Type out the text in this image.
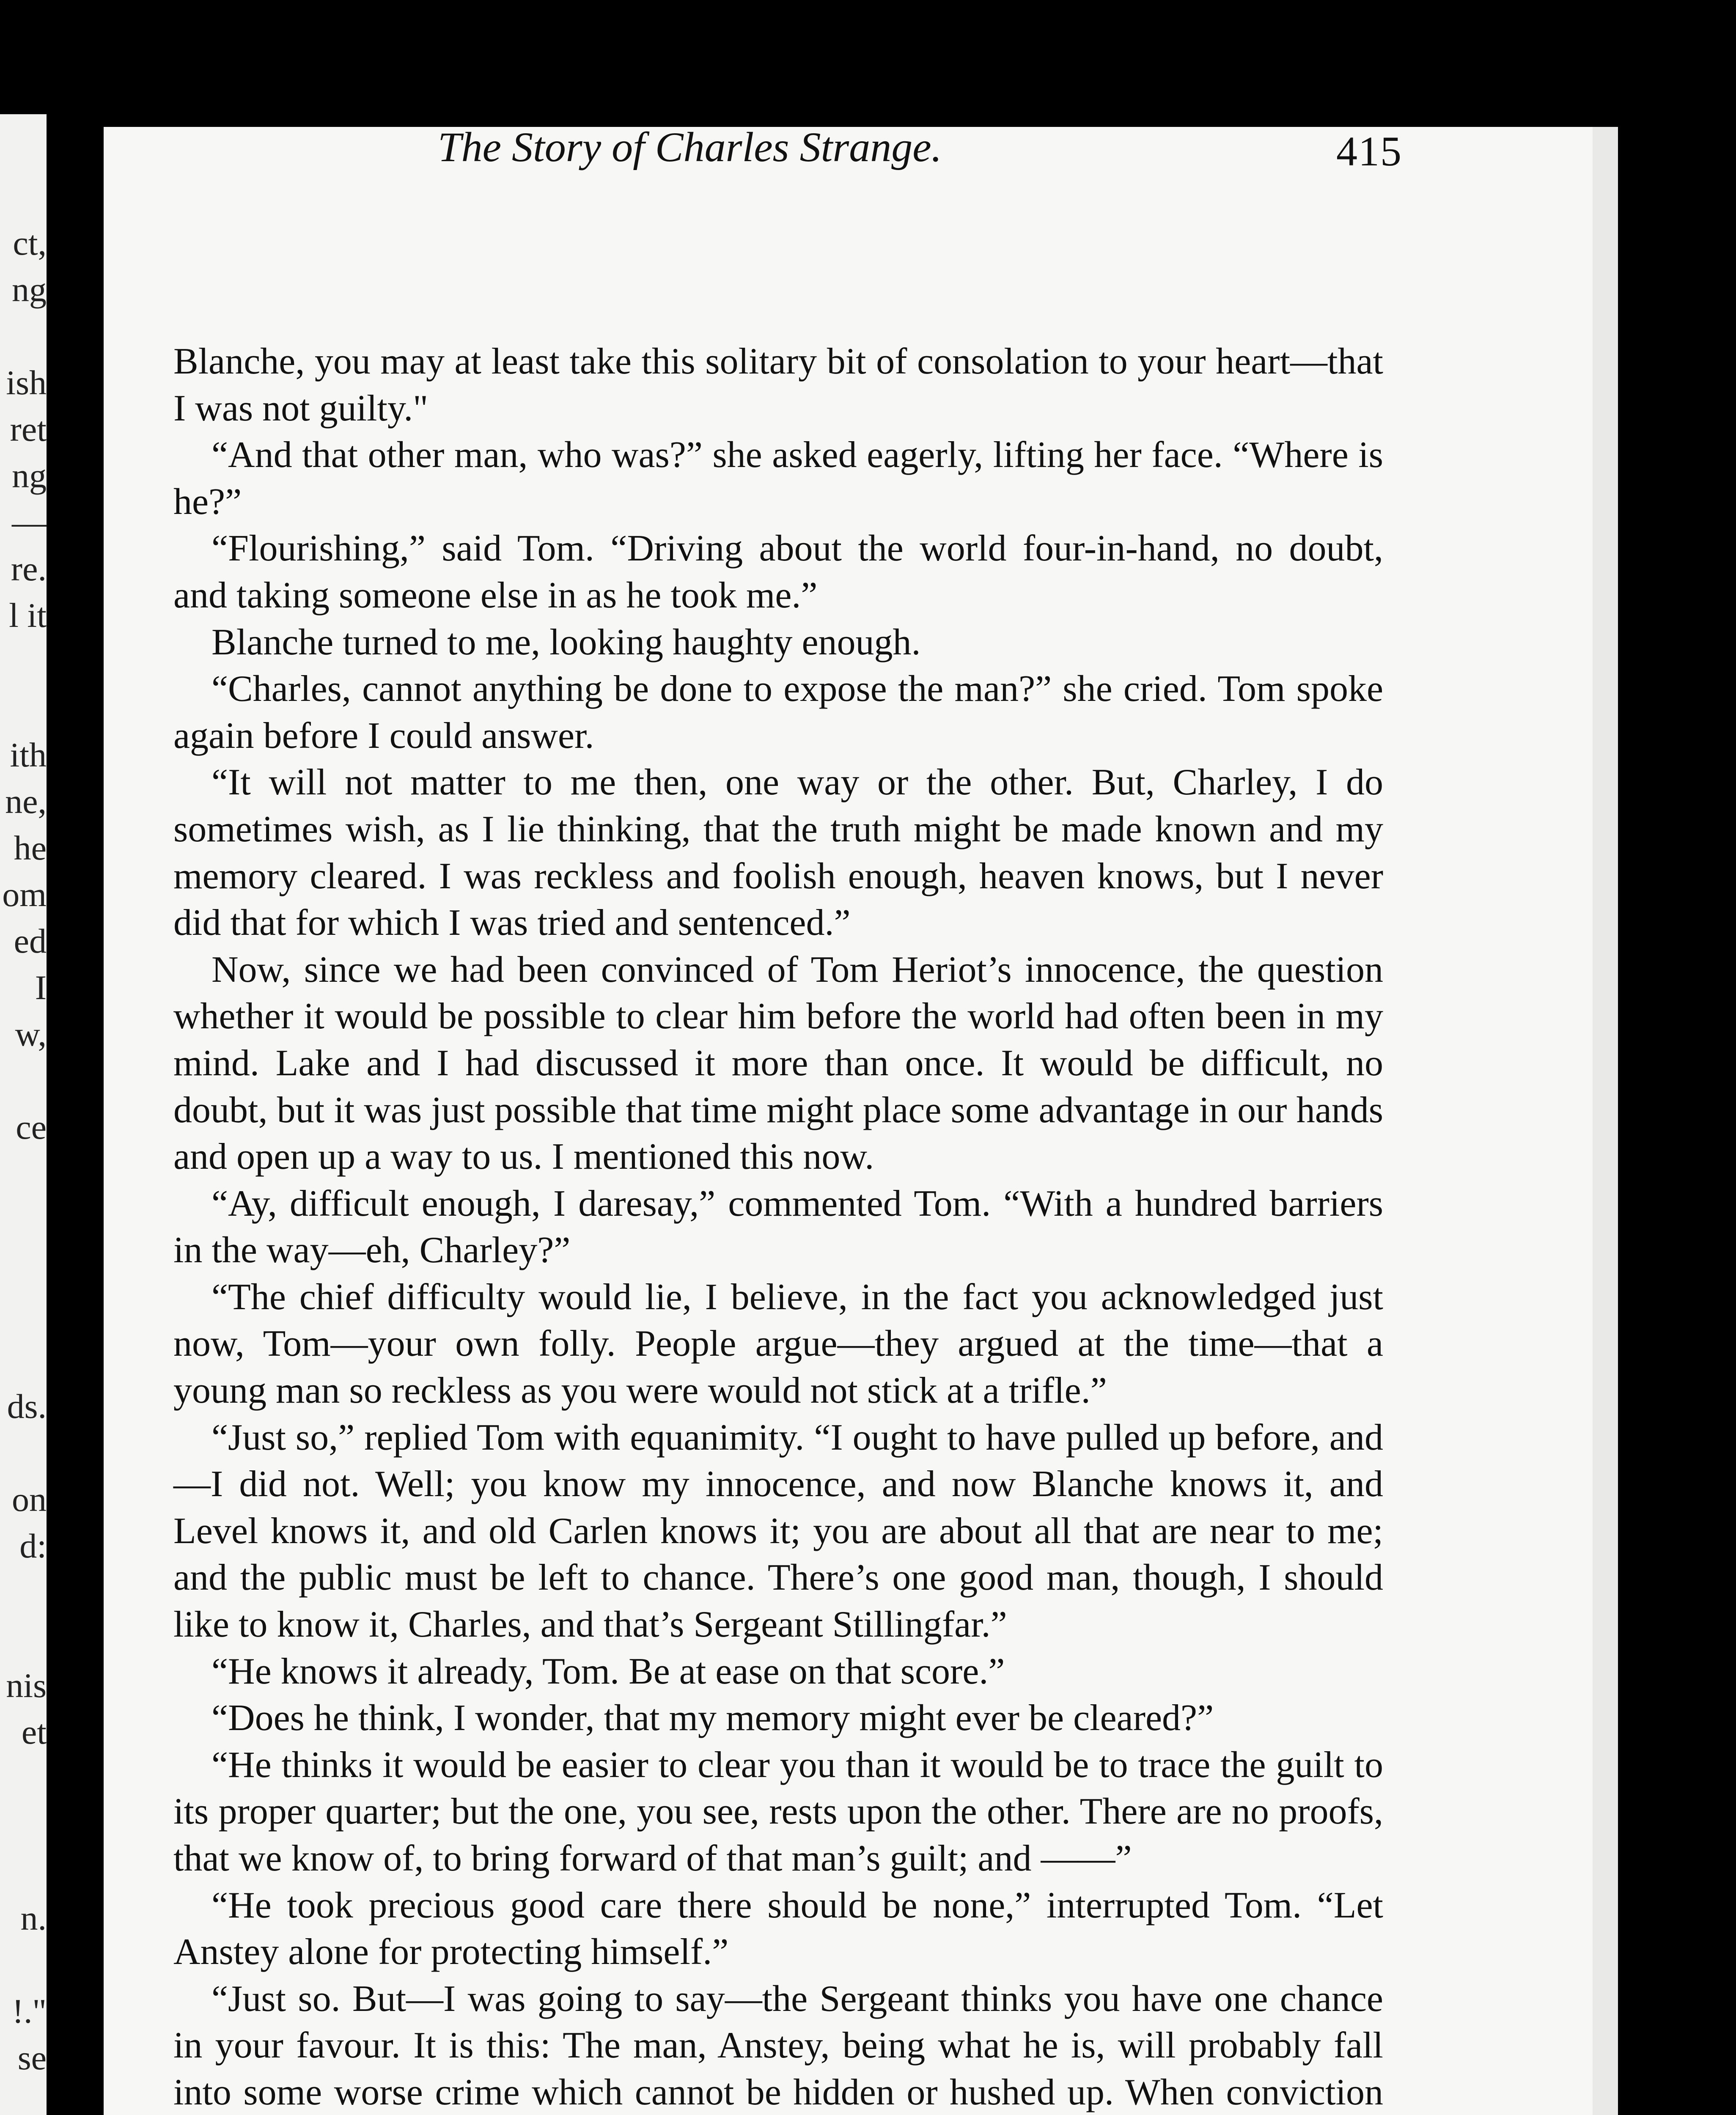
ct,
ng
ish
ret
ng
—
re.
l it
ith
ne,
he
om
ed
I
w,
ce
ds.
on
d:
nis
et
n.
!."
se
The Story of Charles Strange.	415

Blanche, you may at least take this solitary bit of consolation to your heart—that I was not guilty."

“And that other man, who was?” she asked eagerly, lifting her face. “Where is he?”

“Flourishing,” said Tom. “Driving about the world four-in-hand, no doubt, and taking someone else in as he took me.”

Blanche turned to me, looking haughty enough.

“Charles, cannot anything be done to expose the man?” she cried. Tom spoke again before I could answer.

“It will not matter to me then, one way or the other. But, Charley, I do sometimes wish, as I lie thinking, that the truth might be made known and my memory cleared. I was reckless and foolish enough, heaven knows, but I never did that for which I was tried and sentenced.”

Now, since we had been convinced of Tom Heriot’s innocence, the question whether it would be possible to clear him before the world had often been in my mind. Lake and I had discussed it more than once. It would be difficult, no doubt, but it was just possible that time might place some advantage in our hands and open up a way to us. I mentioned this now.

“Ay, difficult enough, I daresay,” commented Tom. “With a hundred barriers in the way—eh, Charley?”

“The chief difficulty would lie, I believe, in the fact you acknowledged just now, Tom—your own folly. People argue—they argued at the time—that a young man so reckless as you were would not stick at a trifle.”

“Just so,” replied Tom with equanimity. “I ought to have pulled up before, and—I did not. Well; you know my innocence, and now Blanche knows it, and Level knows it, and old Carlen knows it; you are about all that are near to me; and the public must be left to chance. There’s one good man, though, I should like to know it, Charles, and that’s Sergeant Stillingfar.”

“He knows it already, Tom. Be at ease on that score.”

“Does he think, I wonder, that my memory might ever be cleared?”

“He thinks it would be easier to clear you than it would be to trace the guilt to its proper quarter; but the one, you see, rests upon the other. There are no proofs, that we know of, to bring forward of that man’s guilt; and ——”

“He took precious good care there should be none,” interrupted Tom. “Let Anstey alone for protecting himself.”

“Just so. But—I was going to say—the Sergeant thinks you have one chance in your favour. It is this: The man, Anstey, being what he is, will probably fall into some worse crime which cannot be hidden or hushed up. When conviction
